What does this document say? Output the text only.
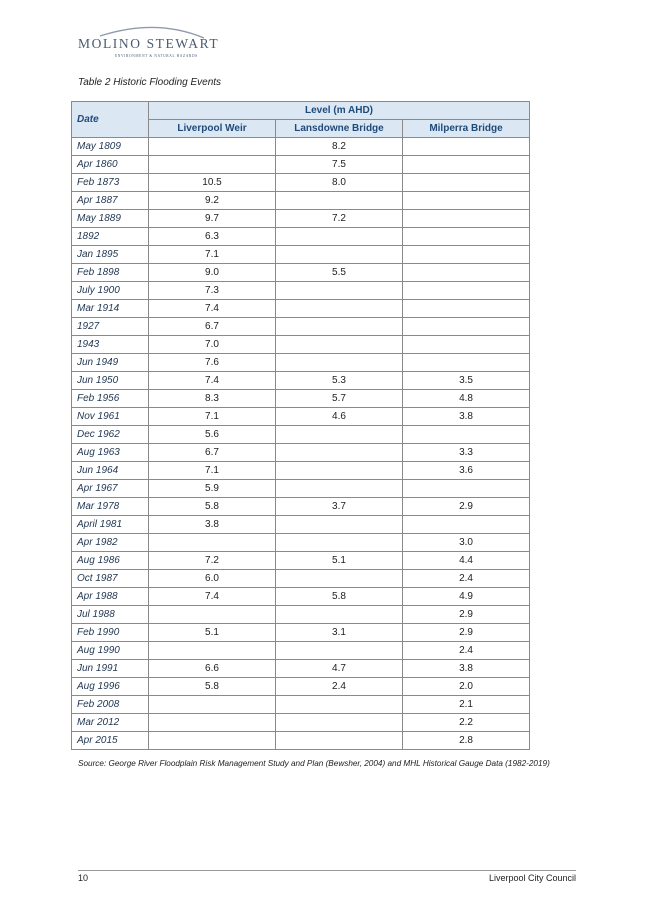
MOLINO STEWART
ENVIRONMENT & NATURAL HAZARDS
Table 2 Historic Flooding Events
Date	Level (m AHD)		
	Liverpool Weir	Lansdowne Bridge	Milperra Bridge
May 1809		8.2	
Apr 1860		7.5	
Feb 1873	10.5	8.0	
Apr 1887	9.2		
May 1889	9.7	7.2	
1892	6.3		
Jan 1895	7.1		
Feb 1898	9.0	5.5	
July 1900	7.3		
Mar 1914	7.4		
1927	6.7		
1943	7.0		
Jun 1949	7.6		
Jun 1950	7.4	5.3	3.5
Feb 1956	8.3	5.7	4.8
Nov 1961	7.1	4.6	3.8
Dec 1962	5.6		
Aug 1963	6.7		3.3
Jun 1964	7.1		3.6
Apr 1967	5.9		
Mar 1978	5.8	3.7	2.9
April 1981	3.8		
Apr 1982			3.0
Aug 1986	7.2	5.1	4.4
Oct 1987	6.0		2.4
Apr 1988	7.4	5.8	4.9
Jul 1988			2.9
Feb 1990	5.1	3.1	2.9
Aug 1990			2.4
Jun 1991	6.6	4.7	3.8
Aug 1996	5.8	2.4	2.0
Feb 2008			2.1
Mar 2012			2.2
Apr 2015			2.8
Source: George River Floodplain Risk Management Study and Plan (Bewsher, 2004) and MHL Historical Gauge Data (1982-2019)
10	Liverpool City Council
